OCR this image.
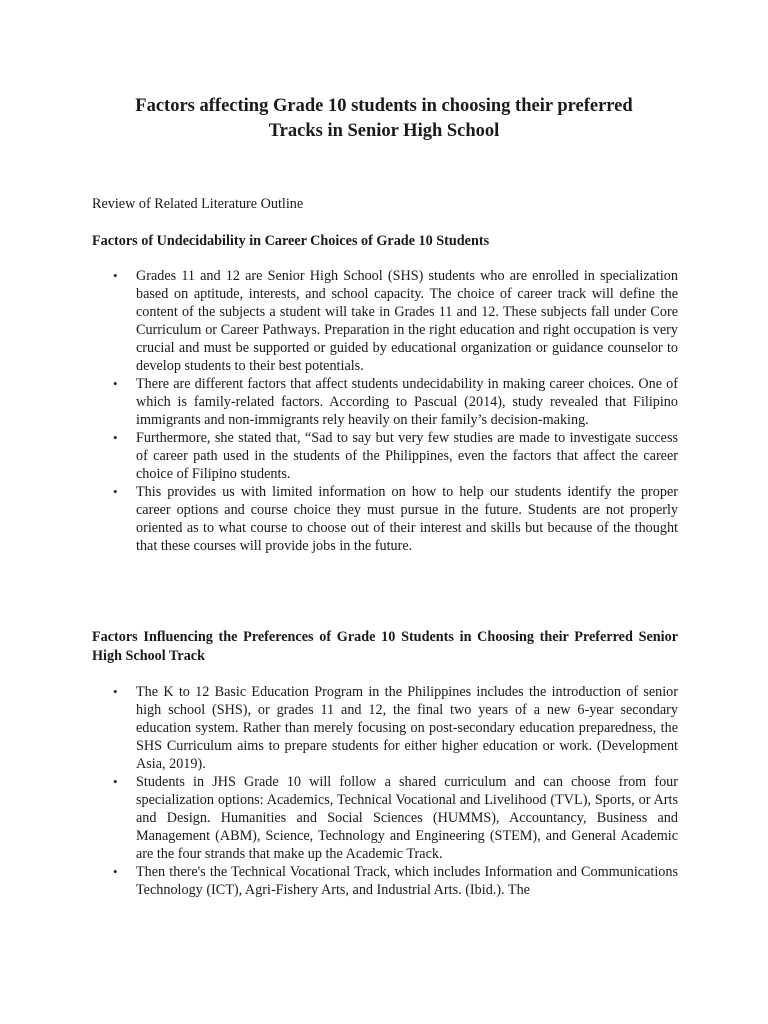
Factors affecting Grade 10 students in choosing their preferred
Tracks in Senior High School
Review of Related Literature Outline
Factors of Undecidability in Career Choices of Grade 10 Students
• Grades 11 and 12 are Senior High School (SHS) students who are enrolled in specialization based on aptitude, interests, and school capacity. The choice of career track will define the content of the subjects a student will take in Grades 11 and 12. These subjects fall under Core Curriculum or Career Pathways. Preparation in the right education and right occupation is very crucial and must be supported or guided by educational organization or guidance counselor to develop students to their best potentials.
• There are different factors that affect students undecidability in making career choices. One of which is family-related factors. According to Pascual (2014), study revealed that Filipino immigrants and non-immigrants rely heavily on their family’s decision-making.
• Furthermore, she stated that, “Sad to say but very few studies are made to investigate success of career path used in the students of the Philippines, even the factors that affect the career choice of Filipino students.
• This provides us with limited information on how to help our students identify the proper career options and course choice they must pursue in the future. Students are not properly oriented as to what course to choose out of their interest and skills but because of the thought that these courses will provide jobs in the future.
Factors Influencing the Preferences of Grade 10 Students in Choosing their Preferred Senior High School Track
• The K to 12 Basic Education Program in the Philippines includes the introduction of senior high school (SHS), or grades 11 and 12, the final two years of a new 6-year secondary education system. Rather than merely focusing on post-secondary education preparedness, the SHS Curriculum aims to prepare students for either higher education or work. (Development Asia, 2019).
• Students in JHS Grade 10 will follow a shared curriculum and can choose from four specialization options: Academics, Technical Vocational and Livelihood (TVL), Sports, or Arts and Design. Humanities and Social Sciences (HUMMS), Accountancy, Business and Management (ABM), Science, Technology and Engineering (STEM), and General Academic are the four strands that make up the Academic Track.
• Then there's the Technical Vocational Track, which includes Information and Communications Technology (ICT), Agri-Fishery Arts, and Industrial Arts. (Ibid.). The
